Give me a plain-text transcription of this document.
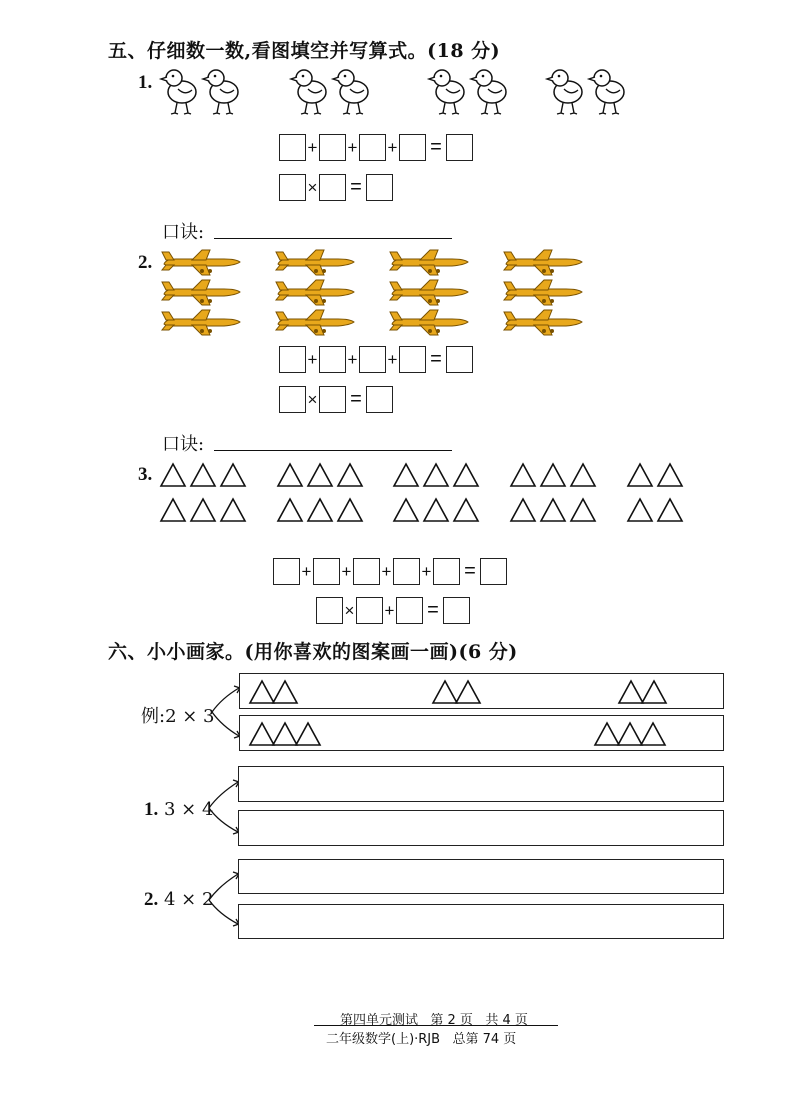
五、仔细数一数,看图填空并写算式。(18 分)
1.
+ + + =
× =
口诀:
2.
+ + + =
× =
口诀:
3.
+ + + + =
× + =
六、小小画家。(用你喜欢的图案画一画)(6 分)
例:2 × 3
1. 3 × 4
2. 4 × 2
第四单元测试   第 2 页   共 4 页
二年级数学(上)·RJB   总第 74 页
